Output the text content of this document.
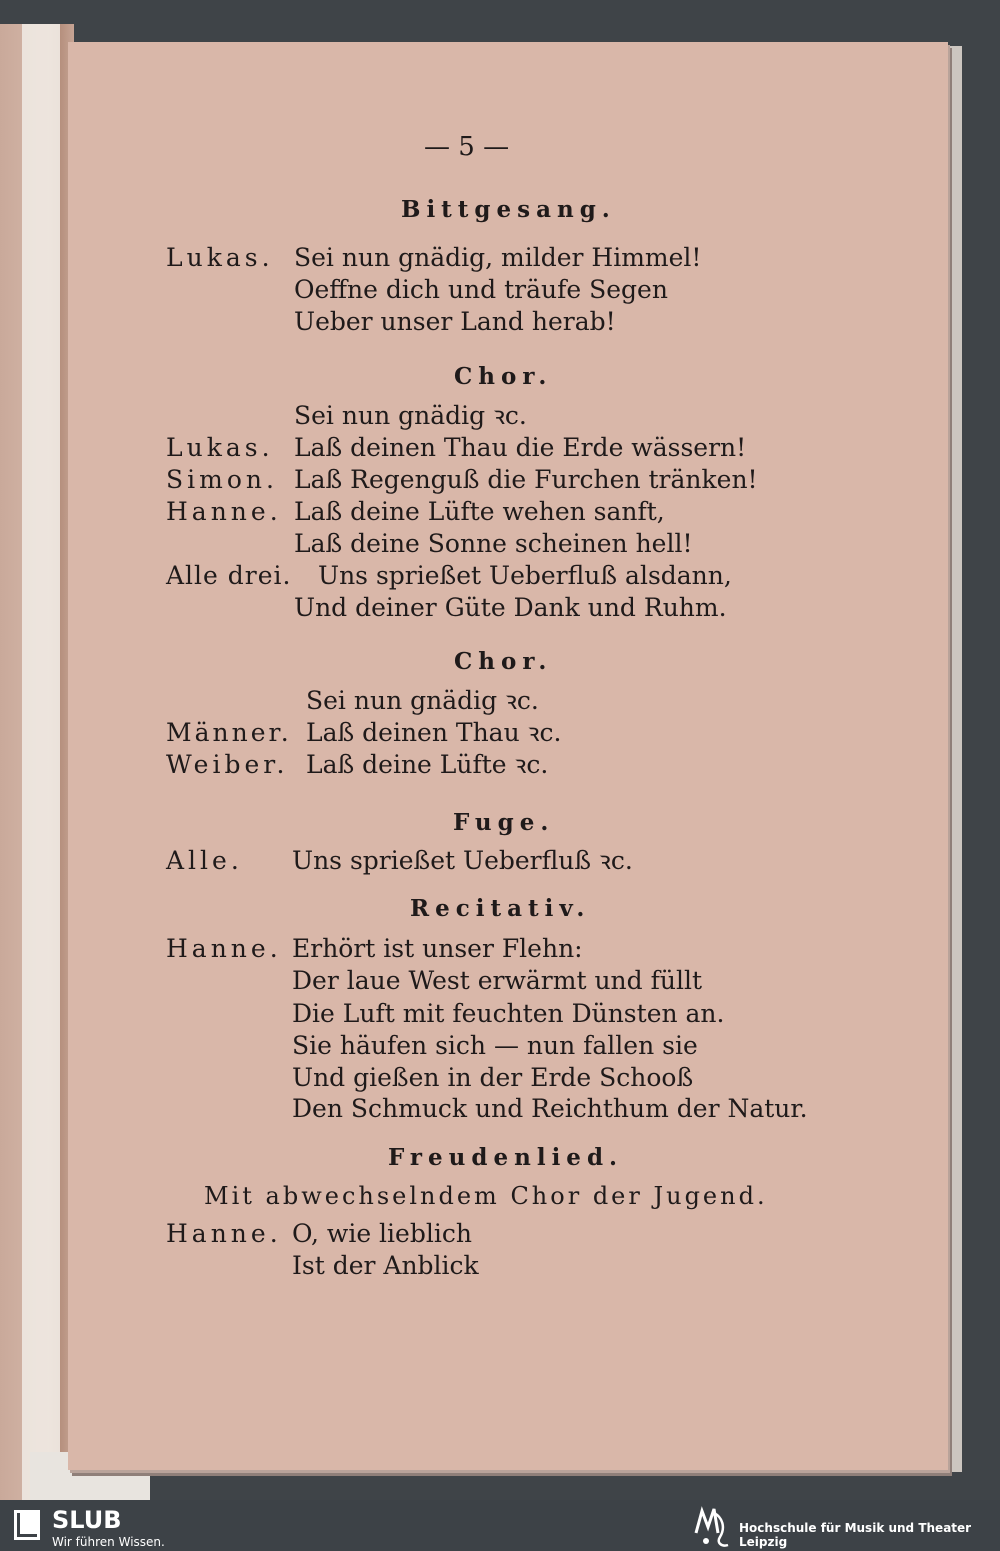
— 5 —
Bittgesang.
Lukas. Sei nun gnädig, milder Himmel!
Oeffne dich und träufe Segen
Ueber unser Land herab!
Chor.
Sei nun gnädig ꝛc.
Lukas. Laß deinen Thau die Erde wässern!
Simon. Laß Regenguß die Furchen tränken!
Hanne. Laß deine Lüfte wehen sanft,
Laß deine Sonne scheinen hell!
Alle drei. Uns sprießet Ueberfluß alsdann,
Und deiner Güte Dank und Ruhm.
Chor.
Sei nun gnädig ꝛc.
Männer. Laß deinen Thau ꝛc.
Weiber. Laß deine Lüfte ꝛc.
Fuge.
Alle. Uns sprießet Ueberfluß ꝛc.
Recitativ.
Hanne. Erhört ist unser Flehn:
Der laue West erwärmt und füllt
Die Luft mit feuchten Dünsten an.
Sie häufen sich — nun fallen sie
Und gießen in der Erde Schooß
Den Schmuck und Reichthum der Natur.
Freudenlied.
Mit abwechselndem Chor der Jugend.
Hanne. O, wie lieblich
Ist der Anblick
SLUB
Wir führen Wissen.
Hochschule für Musik und Theater Leipzig
